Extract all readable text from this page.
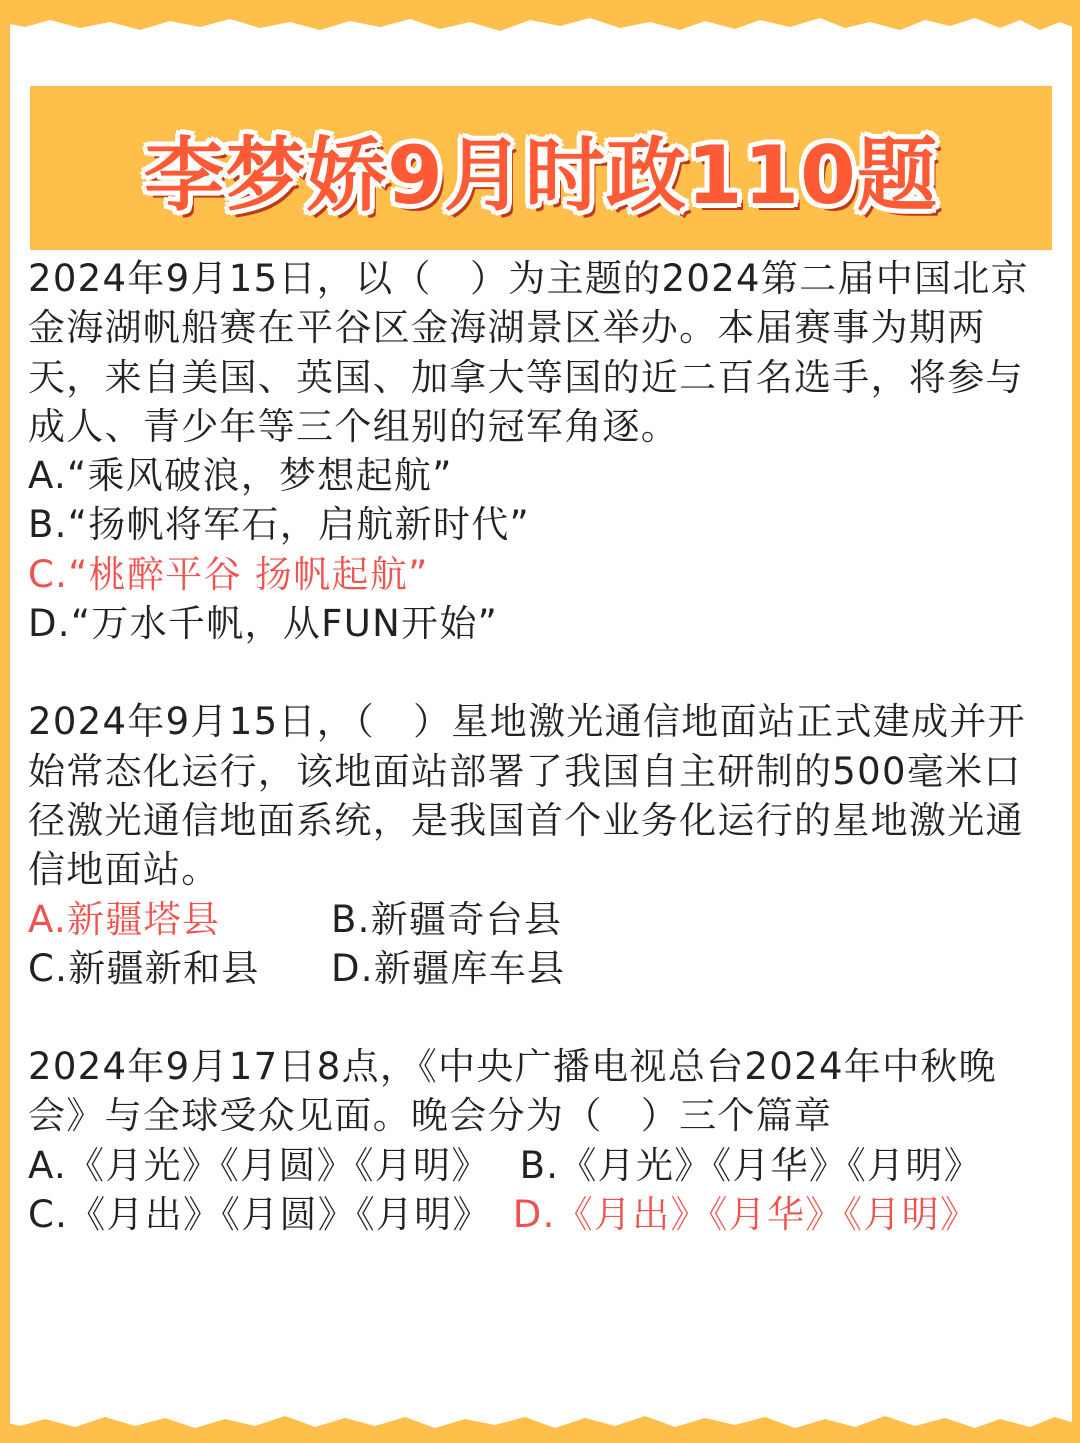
李梦娇9月时政110题

2024年9月15日，以（　）为主题的2024第二届中国北京金海湖帆船赛在平谷区金海湖景区举办。本届赛事为期两天，来自美国、英国、加拿大等国的近二百名选手，将参与成人、青少年等三个组别的冠军角逐。

A.“乘风破浪，梦想起航”

B.“扬帆将军石，启航新时代”

C.“桃醉平谷 扬帆起航”

D.“万水千帆，从FUN开始”

2024年9月15日，（　）星地激光通信地面站正式建成并开始常态化运行，该地面站部署了我国自主研制的500毫米口径激光通信地面系统，是我国首个业务化运行的星地激光通信地面站。

A.新疆塔县	B.新疆奇台县
C.新疆新和县	D.新疆库车县

2024年9月17日8点，《中央广播电视总台2024年中秋晚会》与全球受众见面。晚会分为（　）三个篇章

A.《月光》《月圆》《月明》 B.《月光》《月华》《月明》

C.《月出》《月圆》《月明》 D.《月出》《月华》《月明》
